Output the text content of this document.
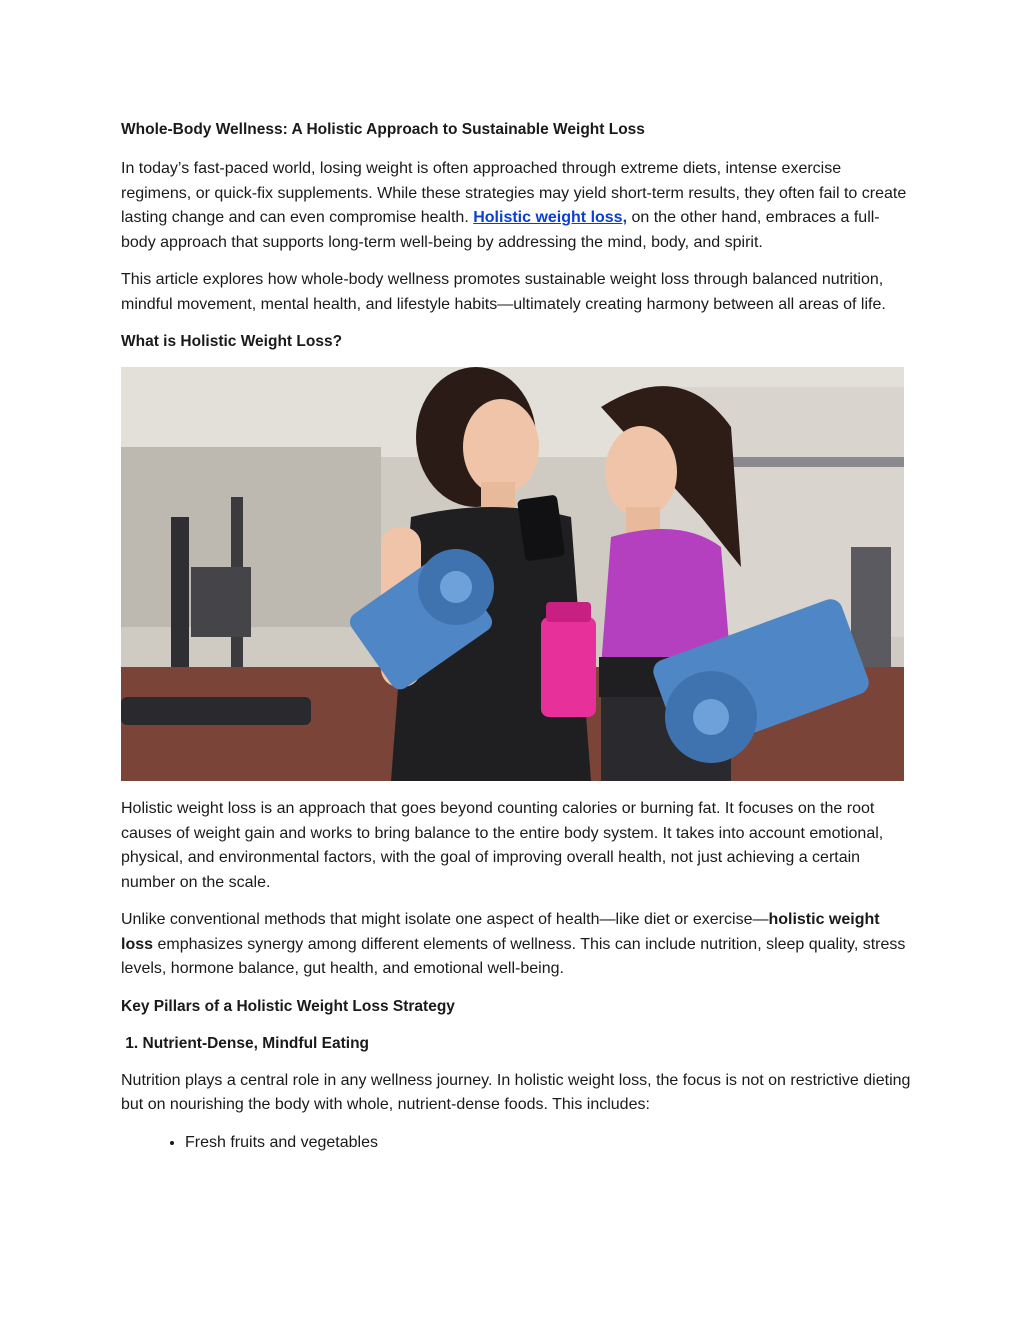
Whole-Body Wellness: A Holistic Approach to Sustainable Weight Loss

In today’s fast-paced world, losing weight is often approached through extreme diets, intense exercise regimens, or quick-fix supplements. While these strategies may yield short-term results, they often fail to create lasting change and can even compromise health. Holistic weight loss, on the other hand, embraces a full-body approach that supports long-term well-being by addressing the mind, body, and spirit.

This article explores how whole-body wellness promotes sustainable weight loss through balanced nutrition, mindful movement, mental health, and lifestyle habits—ultimately creating harmony between all areas of life.

What is Holistic Weight Loss?

Holistic weight loss is an approach that goes beyond counting calories or burning fat. It focuses on the root causes of weight gain and works to bring balance to the entire body system. It takes into account emotional, physical, and environmental factors, with the goal of improving overall health, not just achieving a certain number on the scale.

Unlike conventional methods that might isolate one aspect of health—like diet or exercise—holistic weight loss emphasizes synergy among different elements of wellness. This can include nutrition, sleep quality, stress levels, hormone balance, gut health, and emotional well-being.

Key Pillars of a Holistic Weight Loss Strategy
1. Nutrient-Dense, Mindful Eating

Nutrition plays a central role in any wellness journey. In holistic weight loss, the focus is not on restrictive dieting but on nourishing the body with whole, nutrient-dense foods. This includes:

• Fresh fruits and vegetables
